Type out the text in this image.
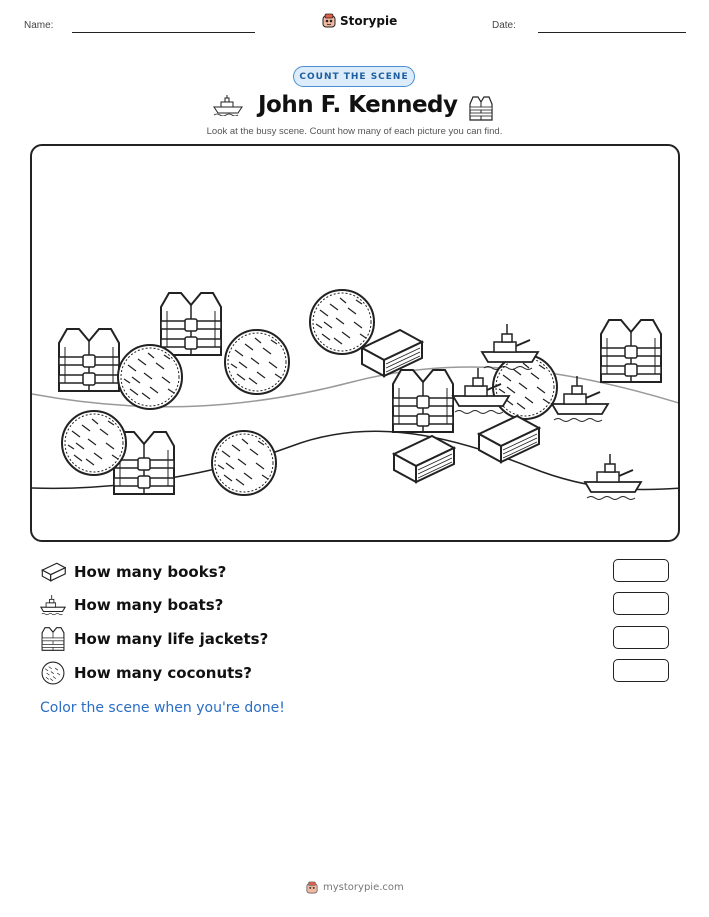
Name:	Storypie	Date:
COUNT THE SCENE
John F. Kennedy
Look at the busy scene. Count how many of each picture you can find.
How many books?
How many boats?
How many life jackets?
How many coconuts?
Color the scene when you're done!
mystorypie.com
